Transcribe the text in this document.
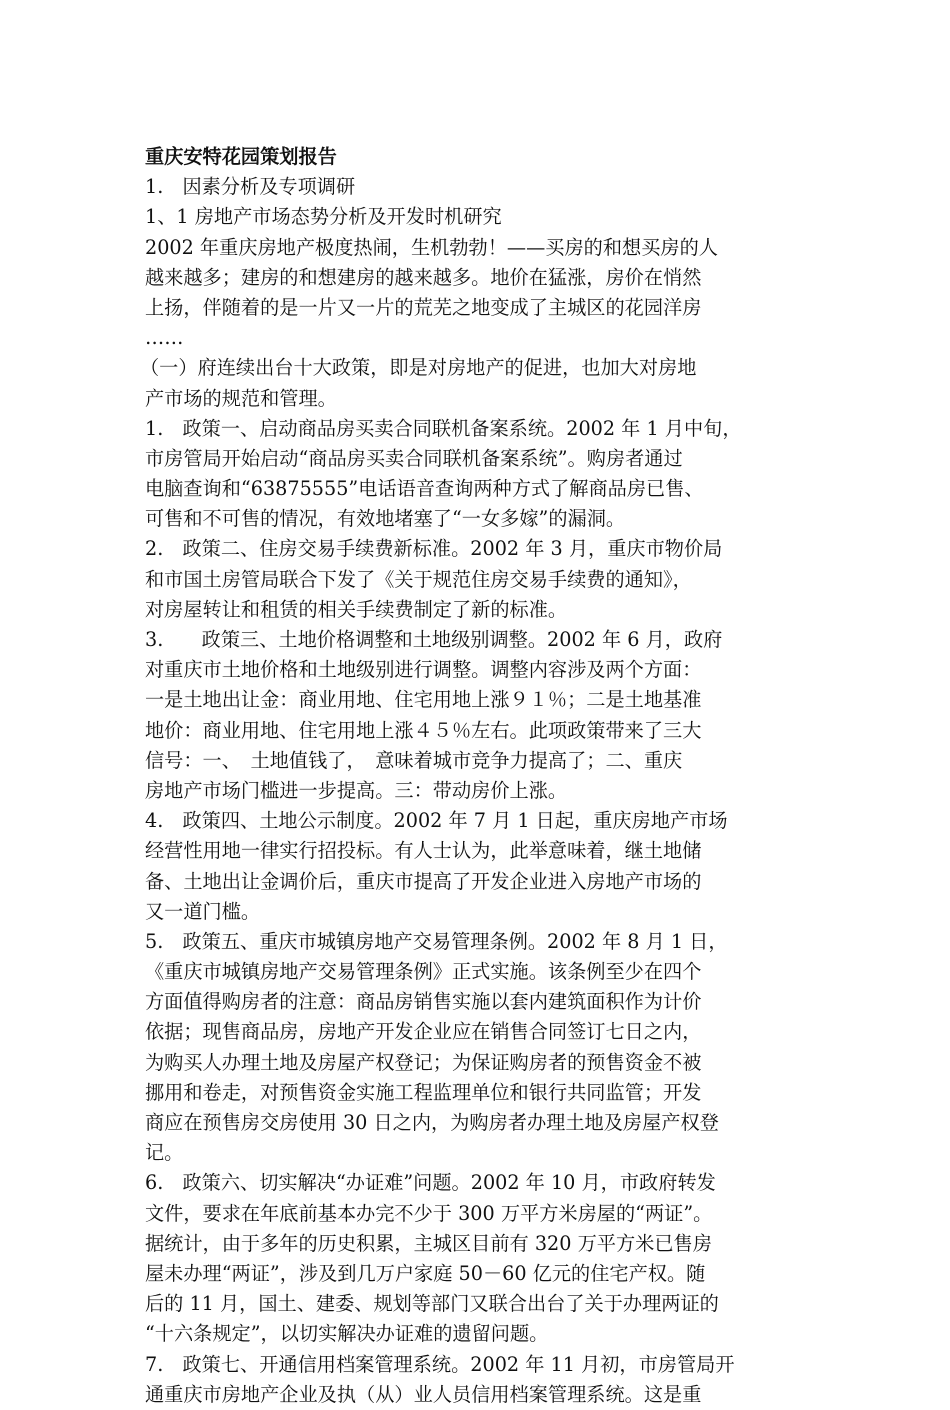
重庆安特花园策划报告
1.　因素分析及专项调研
1、1 房地产市场态势分析及开发时机研究
2002 年重庆房地产极度热闹，生机勃勃！——买房的和想买房的人
越来越多；建房的和想建房的越来越多。地价在猛涨，房价在悄然
上扬，伴随着的是一片又一片的荒芜之地变成了主城区的花园洋房
……
（一）府连续出台十大政策，即是对房地产的促进，也加大对房地
产市场的规范和管理。
1.　政策一、启动商品房买卖合同联机备案系统。2002 年 1 月中旬，
市房管局开始启动“商品房买卖合同联机备案系统”。购房者通过
电脑查询和“63875555”电话语音查询两种方式了解商品房已售、
可售和不可售的情况，有效地堵塞了“一女多嫁”的漏洞。
2.　政策二、住房交易手续费新标准。2002 年 3 月，重庆市物价局
和市国土房管局联合下发了《关于规范住房交易手续费的通知》，
对房屋转让和租赁的相关手续费制定了新的标准。
3.　　政策三、土地价格调整和土地级别调整。2002 年 6 月，政府
对重庆市土地价格和土地级别进行调整。调整内容涉及两个方面：
一是土地出让金：商业用地、住宅用地上涨９１％；二是土地基准
地价：商业用地、住宅用地上涨４５％左右。此项政策带来了三大
信号：一、　土地值钱了，　意味着城市竞争力提高了；二、重庆
房地产市场门槛进一步提高。三：带动房价上涨。
4.　政策四、土地公示制度。2002 年 7 月 1 日起，重庆房地产市场
经营性用地一律实行招投标。有人士认为，此举意味着，继土地储
备、土地出让金调价后，重庆市提高了开发企业进入房地产市场的
又一道门槛。
5.　政策五、重庆市城镇房地产交易管理条例。2002 年 8 月 1 日，
《重庆市城镇房地产交易管理条例》正式实施。该条例至少在四个
方面值得购房者的注意：商品房销售实施以套内建筑面积作为计价
依据；现售商品房，房地产开发企业应在销售合同签订七日之内，
为购买人办理土地及房屋产权登记；为保证购房者的预售资金不被
挪用和卷走，对预售资金实施工程监理单位和银行共同监管；开发
商应在预售房交房使用 30 日之内，为购房者办理土地及房屋产权登
记。
6.　政策六、切实解决“办证难”问题。2002 年 10 月，市政府转发
文件，要求在年底前基本办完不少于 300 万平方米房屋的“两证”。
据统计，由于多年的历史积累，主城区目前有 320 万平方米已售房
屋未办理“两证”，涉及到几万户家庭 50－60 亿元的住宅产权。随
后的 11 月，国土、建委、规划等部门又联合出台了关于办理两证的
“十六条规定”，以切实解决办证难的遗留问题。
7.　政策七、开通信用档案管理系统。2002 年 11 月初，市房管局开
通重庆市房地产企业及执（从）业人员信用档案管理系统。这是重
